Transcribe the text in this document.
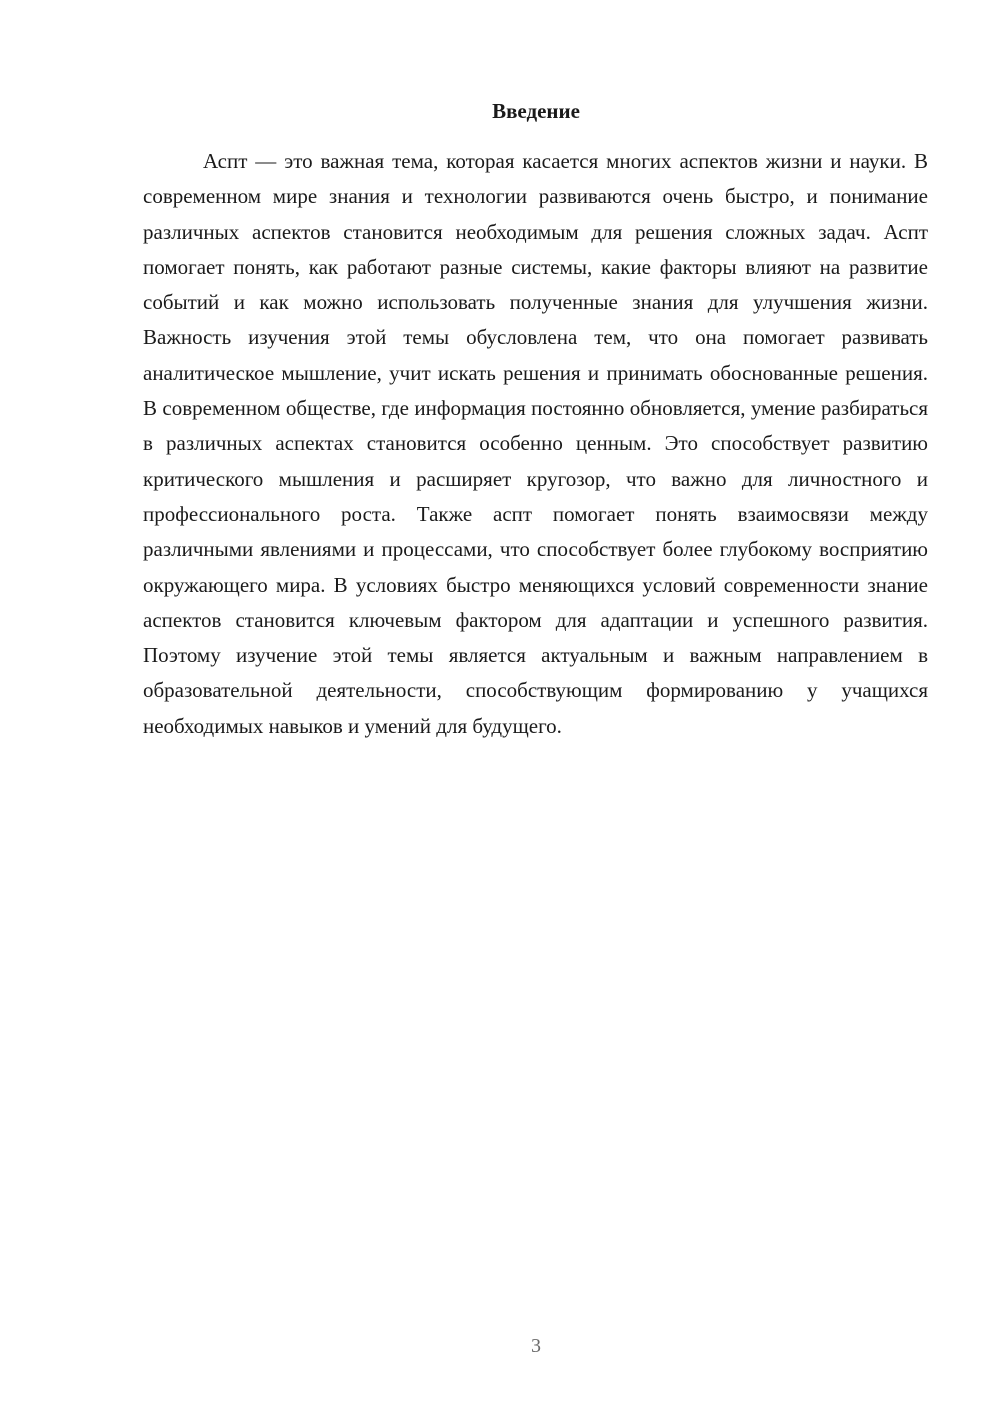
Введение

Аспт — это важная тема, которая касается многих аспектов жизни и науки. В современном мире знания и технологии развиваются очень быстро, и понимание различных аспектов становится необходимым для решения сложных задач. Аспт помогает понять, как работают разные системы, какие факторы влияют на развитие событий и как можно использовать полученные знания для улучшения жизни. Важность изучения этой темы обусловлена тем, что она помогает развивать аналитическое мышление, учит искать решения и принимать обоснованные решения. В современном обществе, где информация постоянно обновляется, умение разбираться в различных аспектах становится особенно ценным. Это способствует развитию критического мышления и расширяет кругозор, что важно для личностного и профессионального роста. Также аспт помогает понять взаимосвязи между различными явлениями и процессами, что способствует более глубокому восприятию окружающего мира. В условиях быстро меняющихся условий современности знание аспектов становится ключевым фактором для адаптации и успешного развития. Поэтому изучение этой темы является актуальным и важным направлением в образовательной деятельности, способствующим формированию у учащихся необходимых навыков и умений для будущего.

3
